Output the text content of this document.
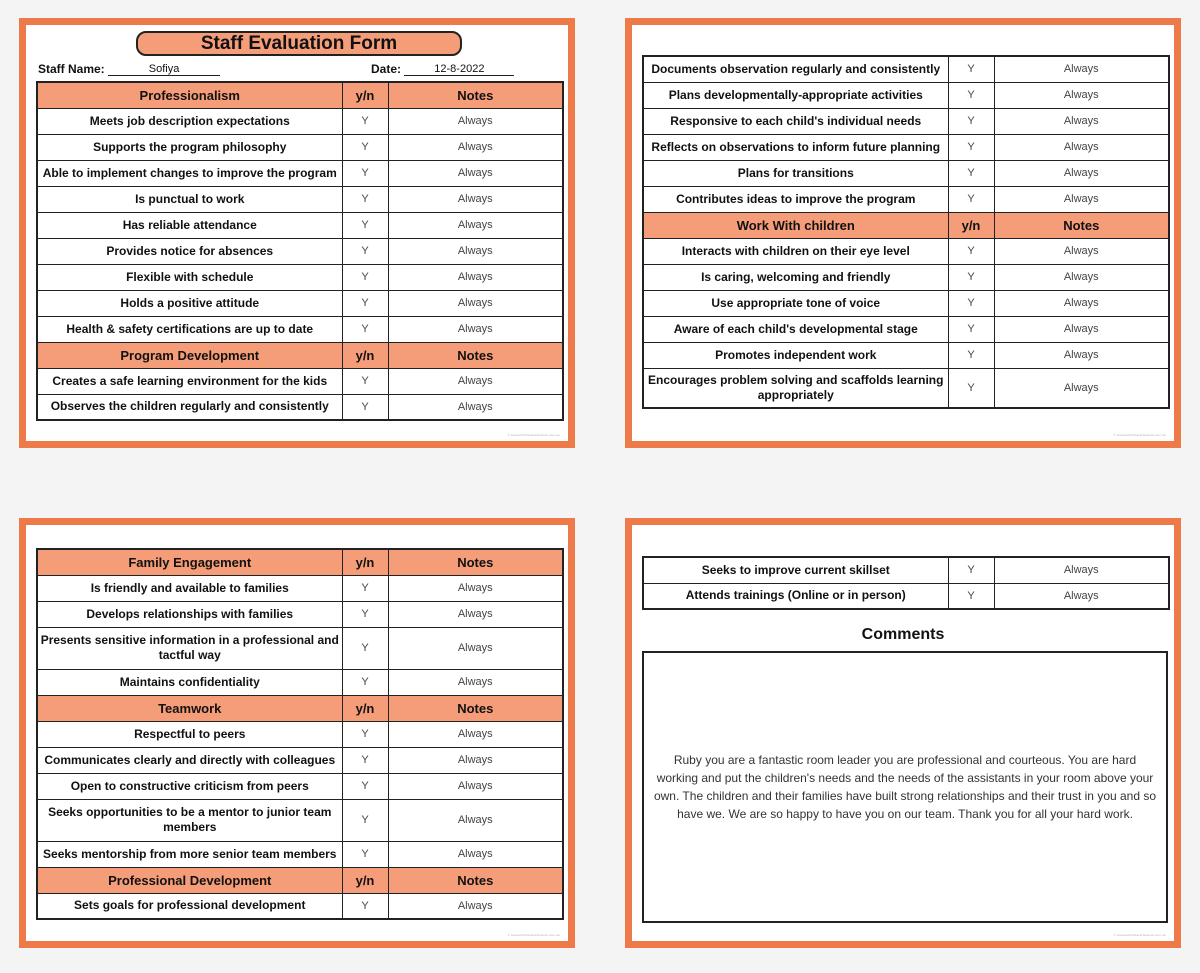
Staff Evaluation Form
Staff Name:	Sofiya	Date:	12-8-2022
Professionalism	y/n	Notes
Meets job description expectations	Y	Always
Supports the program philosophy	Y	Always
Able to implement changes to improve the program	Y	Always
Is punctual to work	Y	Always
Has reliable attendance	Y	Always
Provides notice for absences	Y	Always
Flexible with schedule	Y	Always
Holds a positive attitude	Y	Always
Health & safety certifications are up to date	Y	Always
Program Development	y/n	Notes
Creates a safe learning environment for the kids	Y	Always
Observes the children regularly and consistently	Y	Always
© AussieChildcareNetwork.com.au
Documents observation regularly and consistently	Y	Always
Plans developmentally-appropriate activities	Y	Always
Responsive to each child's individual needs	Y	Always
Reflects on observations to inform future planning	Y	Always
Plans for transitions	Y	Always
Contributes ideas to improve the program	Y	Always
Work With children	y/n	Notes
Interacts with children on their eye level	Y	Always
Is caring, welcoming and friendly	Y	Always
Use appropriate tone of voice	Y	Always
Aware of each child's developmental stage	Y	Always
Promotes independent work	Y	Always
Encourages problem solving and scaffolds learning appropriately	Y	Always
© AussieChildcareNetwork.com.au
Family Engagement	y/n	Notes
Is friendly and available to families	Y	Always
Develops relationships with families	Y	Always
Presents sensitive information in a professional and tactful way	Y	Always
Maintains confidentiality	Y	Always
Teamwork	y/n	Notes
Respectful to peers	Y	Always
Communicates clearly and directly with colleagues	Y	Always
Open to constructive criticism from peers	Y	Always
Seeks opportunities to be a mentor to junior team members	Y	Always
Seeks mentorship from more senior team members	Y	Always
Professional Development	y/n	Notes
Sets goals for professional development	Y	Always
© AussieChildcareNetwork.com.au
Seeks to improve current skillset	Y	Always
Attends trainings (Online or in person)	Y	Always
Comments
Ruby you are a fantastic room leader you are professional and courteous. You are hard working and put the children's needs and the needs of the assistants in your room above your own. The children and their families have built strong relationships and their trust in you and so have we. We are so happy to have you on our team. Thank you for all your hard work.
© AussieChildcareNetwork.com.au
